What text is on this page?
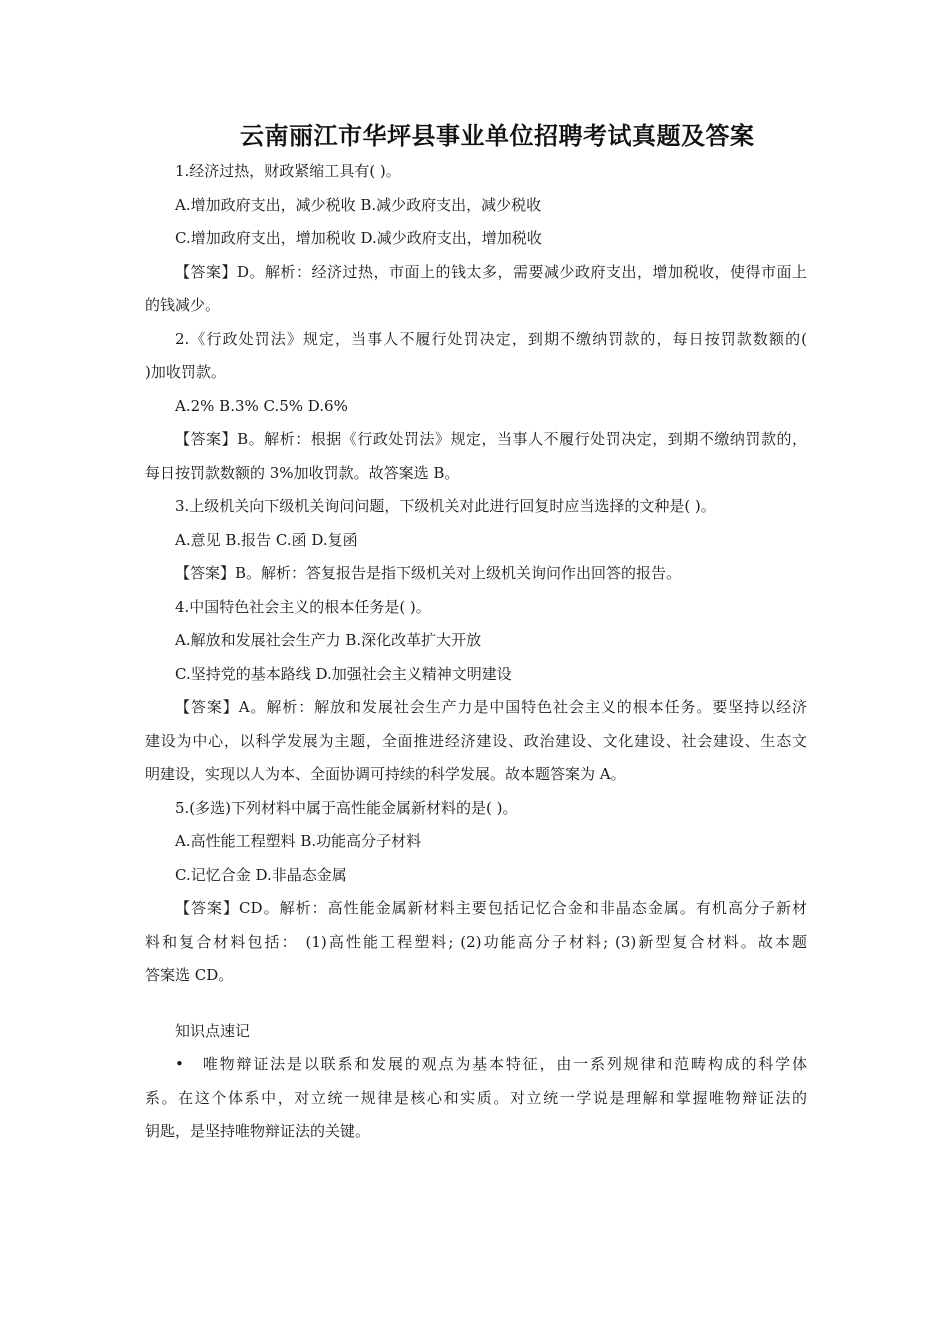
云南丽江市华坪县事业单位招聘考试真题及答案
1.经济过热，财政紧缩工具有( )。
A.增加政府支出，减少税收 B.减少政府支出，减少税收
C.增加政府支出，增加税收 D.减少政府支出，增加税收
【答案】D。解析：经济过热，市面上的钱太多，需要减少政府支出，增加税收，使得市面上
的钱减少。
2.《行政处罚法》规定，当事人不履行处罚决定，到期不缴纳罚款的，每日按罚款数额的(
)加收罚款。
A.2% B.3% C.5% D.6%
【答案】B。解析：根据《行政处罚法》规定，当事人不履行处罚决定，到期不缴纳罚款的，
每日按罚款数额的 3%加收罚款。故答案选 B。
3.上级机关向下级机关询问问题，下级机关对此进行回复时应当选择的文种是( )。
A.意见 B.报告 C.函 D.复函
【答案】B。解析：答复报告是指下级机关对上级机关询问作出回答的报告。
4.中国特色社会主义的根本任务是( )。
A.解放和发展社会生产力 B.深化改革扩大开放
C.坚持党的基本路线 D.加强社会主义精神文明建设
【答案】A。解析：解放和发展社会生产力是中国特色社会主义的根本任务。要坚持以经济
建设为中心，以科学发展为主题，全面推进经济建设、政治建设、文化建设、社会建设、生态文
明建设，实现以人为本、全面协调可持续的科学发展。故本题答案为 A。
5.(多选)下列材料中属于高性能金属新材料的是( )。
A.高性能工程塑料 B.功能高分子材料
C.记忆合金 D.非晶态金属
【答案】CD。解析：高性能金属新材料主要包括记忆合金和非晶态金属。有机高分子新材
料和复合材料包括： (1)高性能工程塑料; (2)功能高分子材料; (3)新型复合材料。故本题
答案选 CD。
知识点速记
• 唯物辩证法是以联系和发展的观点为基本特征，由一系列规律和范畴构成的科学体
系。在这个体系中，对立统一规律是核心和实质。对立统一学说是理解和掌握唯物辩证法的
钥匙，是坚持唯物辩证法的关键。
